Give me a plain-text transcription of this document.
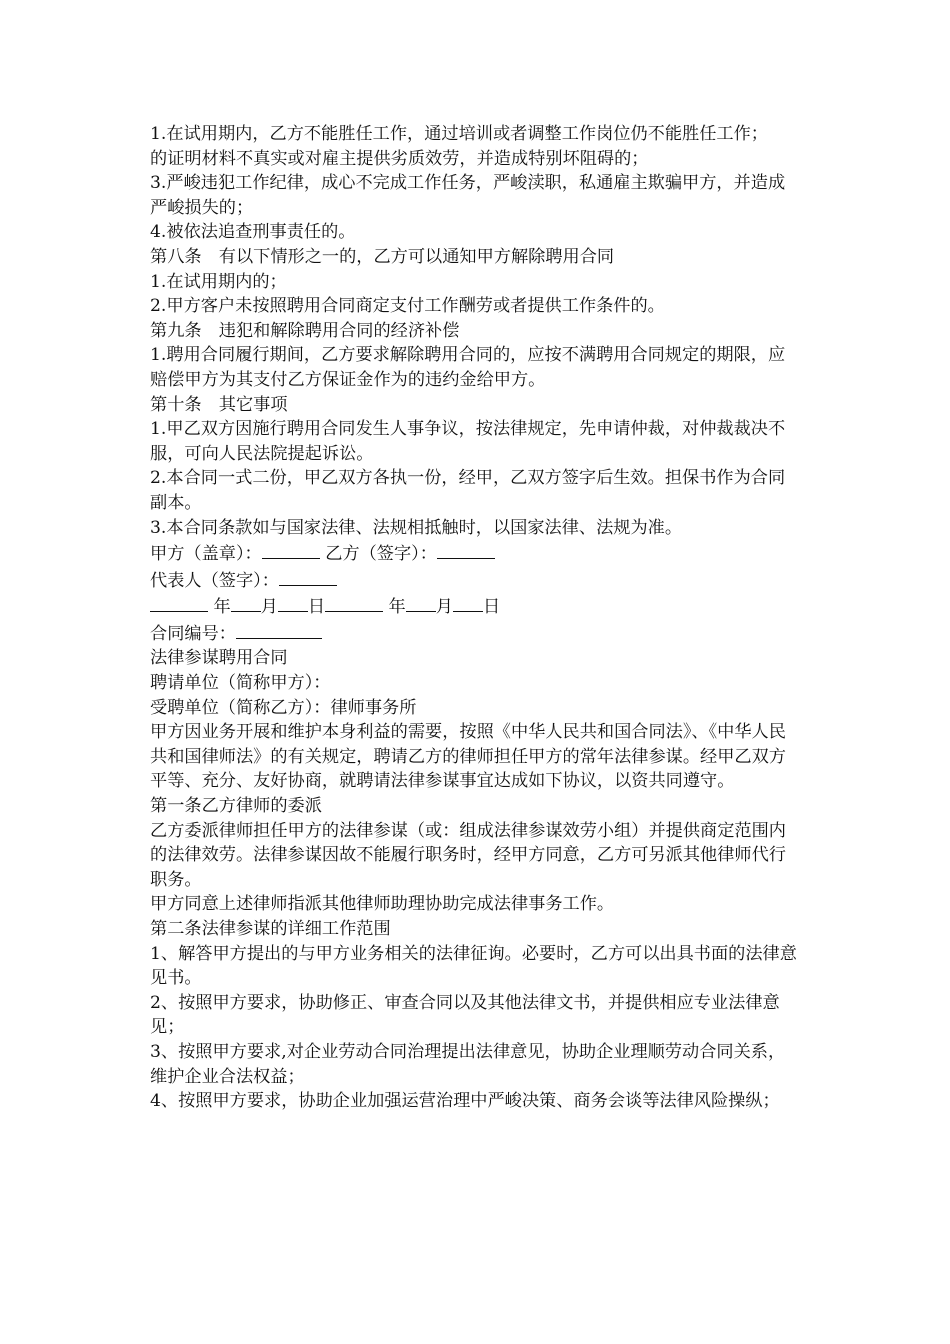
1.在试用期内，乙方不能胜任工作，通过培训或者调整工作岗位仍不能胜任工作；

的证明材料不真实或对雇主提供劣质效劳，并造成特别坏阻碍的；

3.严峻违犯工作纪律，成心不完成工作任务，严峻渎职，私通雇主欺骗甲方，并造成严峻损失的；

4.被依法追查刑事责任的。

第八条　有以下情形之一的，乙方可以通知甲方解除聘用合同

1.在试用期内的；

2.甲方客户未按照聘用合同商定支付工作酬劳或者提供工作条件的。

第九条　违犯和解除聘用合同的经济补偿

1.聘用合同履行期间，乙方要求解除聘用合同的，应按不满聘用合同规定的期限，应赔偿甲方为其支付乙方保证金作为的违约金给甲方。

第十条　其它事项

1.甲乙双方因施行聘用合同发生人事争议，按法律规定，先申请仲裁，对仲裁裁决不服，可向人民法院提起诉讼。

2.本合同一式二份，甲乙双方各执一份，经甲，乙双方签字后生效。担保书作为合同副本。

3.本合同条款如与国家法律、法规相抵触时，以国家法律、法规为准。

甲方（盖章）：	乙方（签字）：

代表人（签字）：

年 月 日	年 月 日

合同编号：

法律参谋聘用合同

聘请单位（简称甲方）：

受聘单位（简称乙方）：律师事务所

甲方因业务开展和维护本身利益的需要，按照《中华人民共和国合同法》、《中华人民共和国律师法》的有关规定，聘请乙方的律师担任甲方的常年法律参谋。经甲乙双方平等、充分、友好协商，就聘请法律参谋事宜达成如下协议，以资共同遵守。

第一条乙方律师的委派

乙方委派律师担任甲方的法律参谋（或：组成法律参谋效劳小组）并提供商定范围内的法律效劳。法律参谋因故不能履行职务时，经甲方同意，乙方可另派其他律师代行职务。

甲方同意上述律师指派其他律师助理协助完成法律事务工作。

第二条法律参谋的详细工作范围

1、解答甲方提出的与甲方业务相关的法律征询。必要时，乙方可以出具书面的法律意见书。

2、按照甲方要求，协助修正、审查合同以及其他法律文书，并提供相应专业法律意见；

3、按照甲方要求,对企业劳动合同治理提出法律意见，协助企业理顺劳动合同关系，维护企业合法权益；

4、按照甲方要求，协助企业加强运营治理中严峻决策、商务会谈等法律风险操纵；
